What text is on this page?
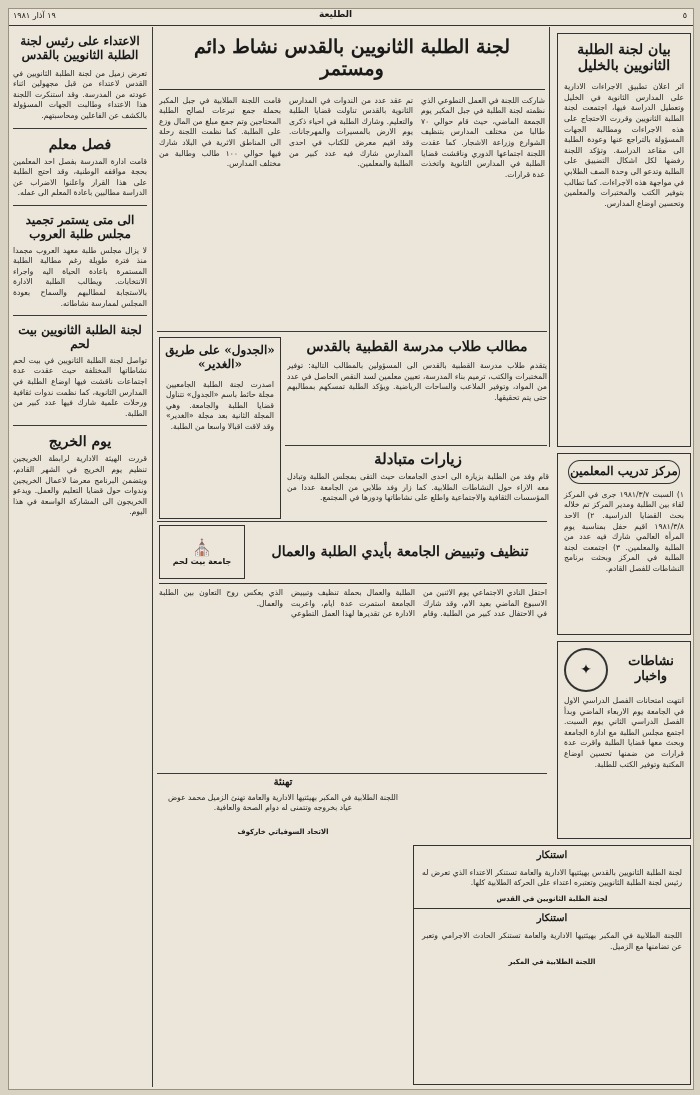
١٩ آذار ١٩٨١	الطليعة	٥
بيان لجنة الطلبة الثانويين بالخليل
اثر اعلان تطبيق الاجراءات الادارية على المدارس الثانوية في الخليل وتعطيل الدراسة فيها، اجتمعت لجنة الطلبة الثانويين وقررت الاحتجاج على هذه الاجراءات ومطالبة الجهات المسؤولة بالتراجع عنها وعودة الطلبة الى مقاعد الدراسة. وتؤكد اللجنة رفضها لكل اشكال التضييق على الطلبة وتدعو الى وحدة الصف الطلابي في مواجهة هذه الاجراءات. كما تطالب بتوفير الكتب والمختبرات والمعلمين وتحسين اوضاع المدارس.
مركز تدريب المعلمين
١) السبت ١٩٨١/٣/٧ جرى في المركز لقاء بين الطلبة ومدير المركز تم خلاله بحث القضايا الدراسية. ٢) الاحد ١٩٨١/٣/٨ اقيم حفل بمناسبة يوم المرأة العالمي شارك فيه عدد من الطلبة والمعلمين. ٣) اجتمعت لجنة الطلبة في المركز وبحثت برنامج النشاطات للفصل القادم.
نشاطات واخبار
✦
انتهت امتحانات الفصل الدراسي الاول في الجامعة يوم الاربعاء الماضي وبدأ الفصل الدراسي الثاني يوم السبت. اجتمع مجلس الطلبة مع ادارة الجامعة وبحث معها قضايا الطلبة واقرت عدة قرارات من ضمنها تحسين اوضاع المكتبة وتوفير الكتب للطلبة.
لجنة الطلبة الثانويين بالقدس نشاط دائم ومستمر
شاركت اللجنة في العمل التطوعي الذي نظمته لجنة الطلبة في جبل المكبر يوم الجمعة الماضي، حيث قام حوالي ٧٠ طالبا من مختلف المدارس بتنظيف الشوارع وزراعة الاشجار. كما عقدت اللجنة اجتماعها الدوري وناقشت قضايا الطلبة في المدارس الثانوية واتخذت عدة قرارات.
تم عقد عدد من الندوات في المدارس الثانوية بالقدس تناولت قضايا الطلبة والتعليم. وشارك الطلبة في احياء ذكرى يوم الارض بالمسيرات والمهرجانات. وقد اقيم معرض للكتاب في احدى المدارس شارك فيه عدد كبير من الطلبة والمعلمين.
قامت اللجنة الطلابية في جبل المكبر بحملة جمع تبرعات لصالح الطلبة المحتاجين وتم جمع مبلغ من المال وزع على الطلبة. كما نظمت اللجنة رحلة الى المناطق الاثرية في البلاد شارك فيها حوالي ١٠٠ طالب وطالبة من مختلف المدارس.
«الجدول» على طريق «الغدير»
اصدرت لجنة الطلبة الجامعيين مجلة حائط باسم «الجدول» تتناول قضايا الطلبة والجامعة. وهي المجلة الثانية بعد مجلة «الغدير» وقد لاقت اقبالا واسعا من الطلبة.
مطالب طلاب مدرسة القطبية بالقدس
يتقدم طلاب مدرسة القطبية بالقدس الى المسؤولين بالمطالب التالية: توفير المختبرات والكتب، ترميم بناء المدرسة، تعيين معلمين لسد النقص الحاصل في عدد من المواد، وتوفير الملاعب والساحات الرياضية. ويؤكد الطلبة تمسكهم بمطالبهم حتى يتم تحقيقها.
زيارات متبادلة
قام وفد من الطلبة بزيارة الى احدى الجامعات حيث التقى بمجلس الطلبة وتبادل معه الاراء حول النشاطات الطلابية. كما زار وفد طلابي من الجامعة عددا من المؤسسات الثقافية والاجتماعية واطلع على نشاطاتها ودورها في المجتمع.
تنظيف وتبييض الجامعة بأيدي الطلبة والعمال
⛪
جامعة بيت لحم
احتفل النادي الاجتماعي يوم الاثنين من الاسبوع الماضي بعيد الام، وقد شارك في الاحتفال عدد كبير من الطلبة. وقام الطلبة والعمال بحملة تنظيف وتبييض الجامعة استمرت عدة ايام، واعربت الادارة عن تقديرها لهذا العمل التطوعي الذي يعكس روح التعاون بين الطلبة والعمال.
تهنئة
اللجنة الطلابية في المكبر بهيئتيها الادارية والعامة تهنئ الزميل محمد عوض عياد بخروجه وتتمنى له دوام الصحة والعافية.
الاتحاد السوفياتي خاركوف
استنكار
لجنة الطلبة الثانويين بالقدس بهيئتيها الادارية والعامة تستنكر الاعتداء الذي تعرض له رئيس لجنة الطلبة الثانويين وتعتبره اعتداء على الحركة الطلابية كلها.
لجنة الطلبة الثانويين في القدس
استنكار
اللجنة الطلابية في المكبر بهيئتيها الادارية والعامة تستنكر الحادث الاجرامي وتعبر عن تضامنها مع الزميل.
اللجنة الطلابية في المكبر
الاعتداء على رئيس لجنة الطلبة الثانويين بالقدس
تعرض زميل من لجنة الطلبة الثانويين في القدس لاعتداء من قبل مجهولين اثناء عودته من المدرسة. وقد استنكرت اللجنة هذا الاعتداء وطالبت الجهات المسؤولة بالكشف عن الفاعلين ومحاسبتهم.
فصل معلم
قامت ادارة المدرسة بفصل احد المعلمين بحجة مواقفه الوطنية، وقد احتج الطلبة على هذا القرار واعلنوا الاضراب عن الدراسة مطالبين باعادة المعلم الى عمله.
الى متى يستمر تجميد مجلس طلبة العروب
لا يزال مجلس طلبة معهد العروب مجمدا منذ فترة طويلة رغم مطالبة الطلبة المستمرة باعادة الحياة اليه واجراء الانتخابات. ويطالب الطلبة الادارة بالاستجابة لمطالبهم والسماح بعودة المجلس لممارسة نشاطاته.
لجنة الطلبة الثانويين بيت لحم
تواصل لجنة الطلبة الثانويين في بيت لحم نشاطاتها المختلفة حيث عقدت عدة اجتماعات ناقشت فيها اوضاع الطلبة في المدارس الثانوية، كما نظمت ندوات ثقافية ورحلات علمية شارك فيها عدد كبير من الطلبة.
يوم الخريج
قررت الهيئة الادارية لرابطة الخريجين تنظيم يوم الخريج في الشهر القادم، ويتضمن البرنامج معرضا لاعمال الخريجين وندوات حول قضايا التعليم والعمل. ويدعو الخريجون الى المشاركة الواسعة في هذا اليوم.
